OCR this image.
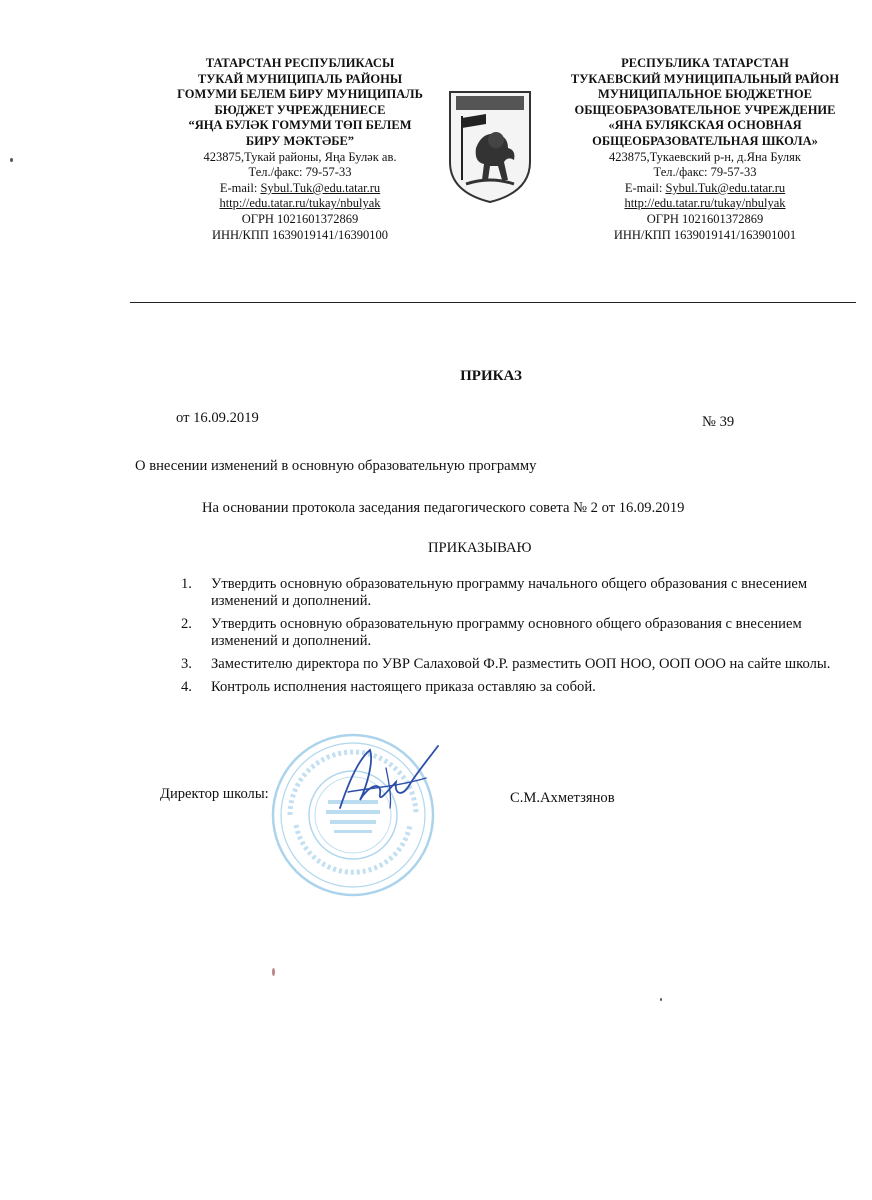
ТАТАРСТАН РЕСПУБЛИКАСЫ
ТУКАЙ МУНИЦИПАЛЬ РАЙОНЫ
ГОМУМИ БЕЛЕМ БИРУ МУНИЦИПАЛЬ
БЮДЖЕТ УЧРЕЖДЕНИЕСЕ
“ЯҢА БУЛӘК ГОМУМИ ТӨП БЕЛЕМ
БИРУ МӘКТӘБЕ”
423875,Тукай районы, Яңа Буләк ав.
Тел./факс: 79-57-33
E-mail: Sybul.Tuk@edu.tatar.ru
http://edu.tatar.ru/tukay/nbulyak
ОГРН 1021601372869
ИНН/КПП 1639019141/16390100
РЕСПУБЛИКА ТАТАРСТАН
ТУКАЕВСКИЙ МУНИЦИПАЛЬНЫЙ РАЙОН
МУНИЦИПАЛЬНОЕ БЮДЖЕТНОЕ
ОБЩЕОБРАЗОВАТЕЛЬНОЕ УЧРЕЖДЕНИЕ
«ЯНА БУЛЯКСКАЯ ОСНОВНАЯ
ОБЩЕОБРАЗОВАТЕЛЬНАЯ ШКОЛА»
423875,Тукаевский р-н, д.Яна Буляк
Тел./факс: 79-57-33
E-mail: Sybul.Tuk@edu.tatar.ru
http://edu.tatar.ru/tukay/nbulyak
ОГРН 1021601372869
ИНН/КПП 1639019141/163901001
ПРИКАЗ
от 16.09.2019	№ 39
О внесении изменений в основную образовательную программу
На основании протокола заседания педагогического совета № 2 от 16.09.2019
ПРИКАЗЫВАЮ
1. Утвердить основную образовательную программу начального общего образования с внесением изменений и дополнений.
2. Утвердить основную образовательную программу основного общего образования с внесением изменений и дополнений.
3. Заместителю директора по УВР Салаховой Ф.Р. разместить ООП НОО, ООП ООО на сайте школы.
4. Контроль исполнения настоящего приказа оставляю за собой.
Директор школы:	С.М.Ахметзянов
